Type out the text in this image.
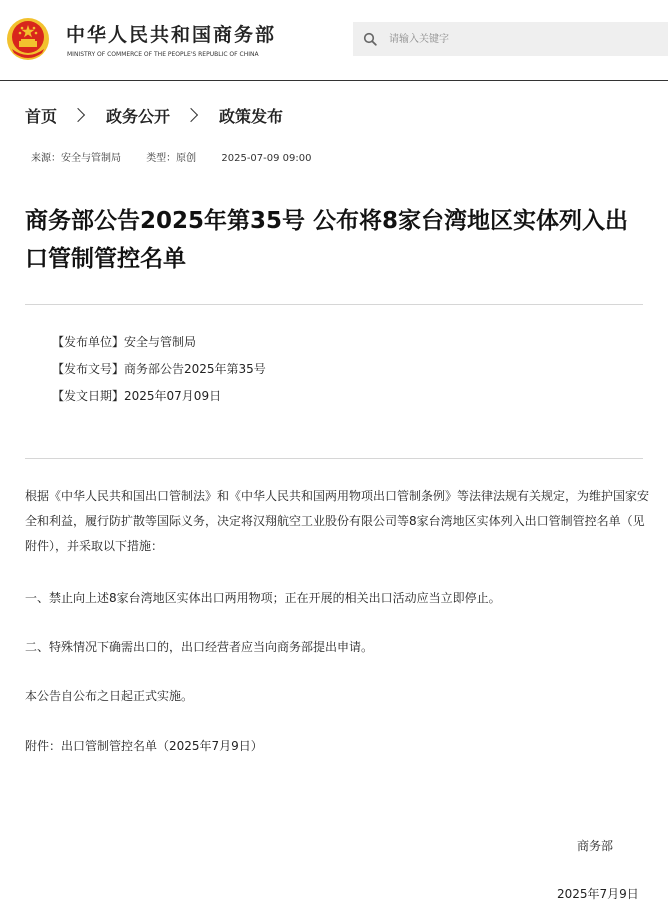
中华人民共和国商务部
MINISTRY OF COMMERCE OF THE PEOPLE'S REPUBLIC OF CHINA
请输入关键字
首页	政务公开	政策发布
来源：安全与管制局	类型：原创	2025-07-09 09:00
商务部公告2025年第35号 公布将8家台湾地区实体列入出口管制管控名单
【发布单位】安全与管制局
【发布文号】商务部公告2025年第35号
【发文日期】2025年07月09日

根据《中华人民共和国出口管制法》和《中华人民共和国两用物项出口管制条例》等法律法规有关规定，为维护国家安全和利益，履行防扩散等国际义务，决定将汉翔航空工业股份有限公司等8家台湾地区实体列入出口管制管控名单（见附件），并采取以下措施：

一、禁止向上述8家台湾地区实体出口两用物项；正在开展的相关出口活动应当立即停止。

二、特殊情况下确需出口的，出口经营者应当向商务部提出申请。

本公告自公布之日起正式实施。

附件：出口管制管控名单（2025年7月9日）

商务部
2025年7月9日
